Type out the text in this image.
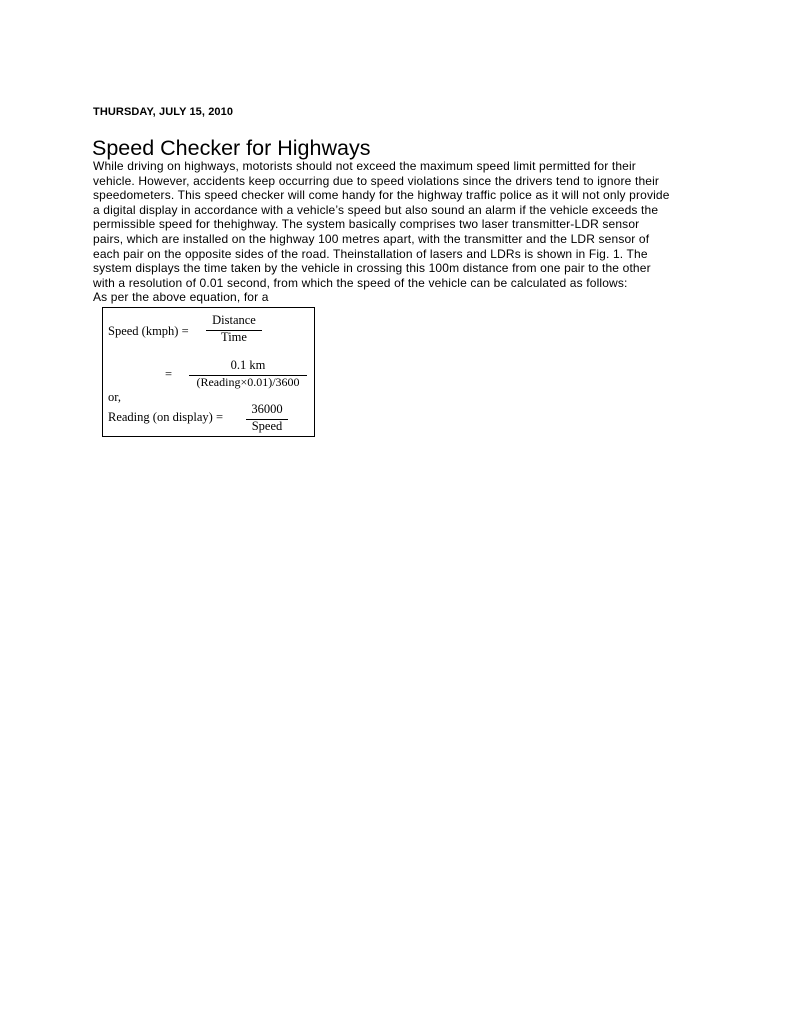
THURSDAY, JULY 15, 2010
Speed Checker for Highways

While driving on highways, motorists should not exceed the maximum speed limit permitted for their

vehicle. However, accidents keep occurring due to speed violations since the drivers tend to ignore their

speedometers. This speed checker will come handy for the highway traffic police as it will not only provide

a digital display in accordance with a vehicle’s speed but also sound an alarm if the vehicle exceeds the

permissible speed for thehighway. The system basically comprises two laser transmitter-LDR sensor

pairs, which are installed on the highway 100 metres apart, with the transmitter and the LDR sensor of

each pair on the opposite sides of the road. Theinstallation of lasers and LDRs is shown in Fig. 1. The

system displays the time taken by the vehicle in crossing this 100m distance from one pair to the other

with a resolution of 0.01 second, from which the speed of the vehicle can be calculated as follows:

As per the above equation, for a

Speed (kmph) =
Distance
Time
=
0.1 km
(Reading×0.01)/3600
or,
Reading (on display) =
36000
Speed
